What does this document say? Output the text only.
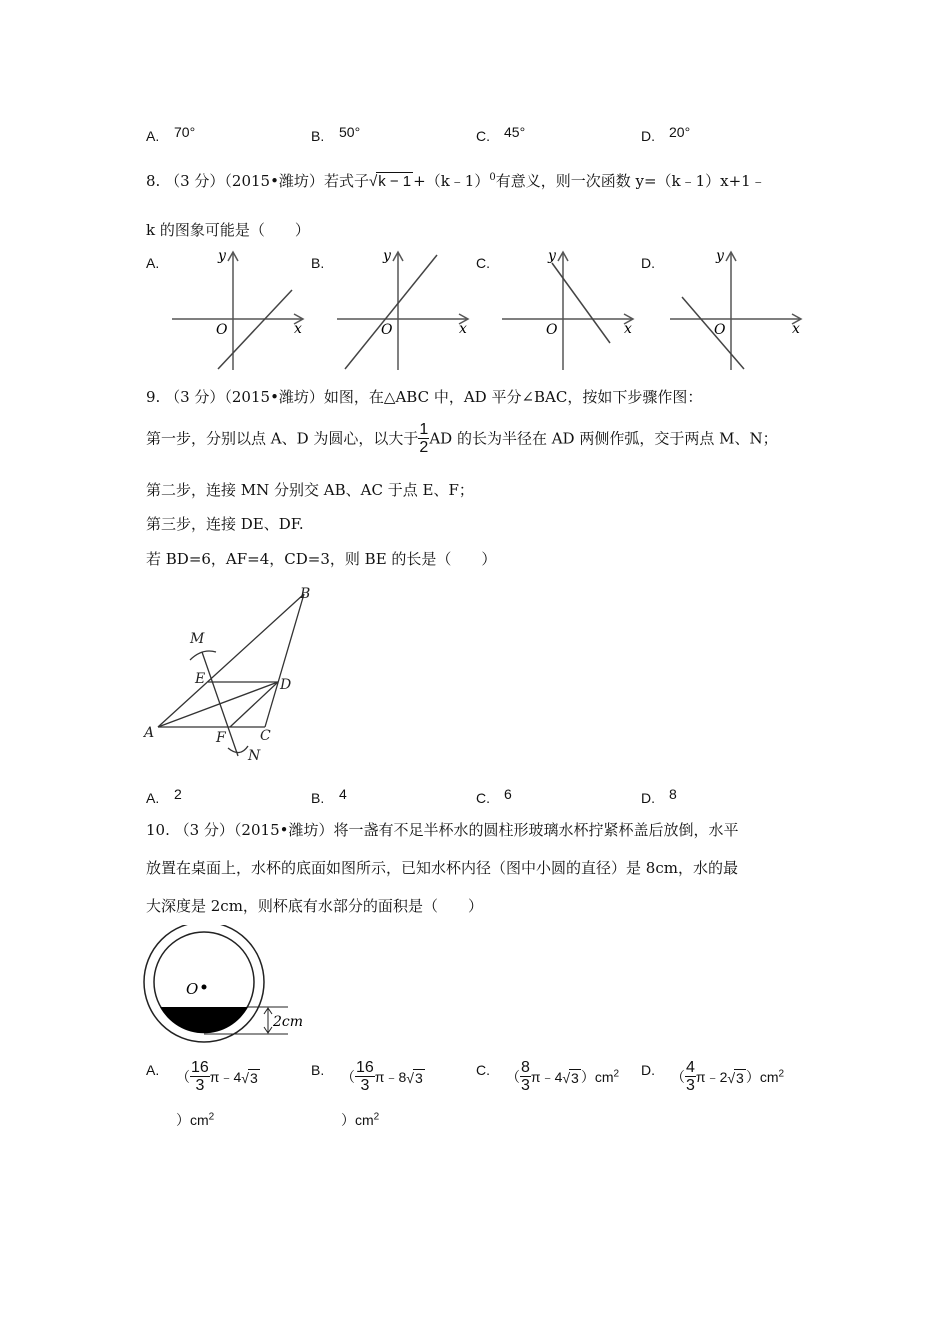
A. 70°	B. 50°	C. 45°	D. 20°
8. （3 分）（2015•潍坊）若式子√k − 1 +（k﹣1）$^0$有意义，则一次函数 y=（k﹣1）x+1﹣
k 的图象可能是（　　）
A.	B.	C.	D.
y
x
O
y
x
O
y
x
O
y
x
O
9. （3 分）（2015•潍坊）如图，在△ABC 中，AD 平分∠BAC，按如下步骤作图：
第一步，分别以点 A、D 为圆心，以大于 $\frac{1}{2}$ AD 的长为半径在 AD 两侧作弧，交于两点 M、N；
第二步，连接 MN 分别交 AB、AC 于点 E、F；
第三步，连接 DE、DF.
若 BD=6，AF=4，CD=3，则 BE 的长是（　　）
B
M
E	D
A	F C
N
A. 2	B. 4	C. 6	D. 8
10. （3 分）（2015•潍坊）将一盏有不足半杯水的圆柱形玻璃水杯拧紧杯盖后放倒，水平
放置在桌面上，水杯的底面如图所示，已知水杯内径（图中小圆的直径）是 8cm，水的最
大深度是 2cm，则杯底有水部分的面积是（　　）
O
2cm
A. （ $\frac{16}{3}$ π﹣4√3
）$cm^2$
B. （ $\frac{16}{3}$ π﹣8√3
）$cm^2$
C. （ $\frac{8}{3}$ π﹣4√3 ）$cm^2$ D. （ $\frac{4}{3}$ π﹣2√3 ）$cm^2$
